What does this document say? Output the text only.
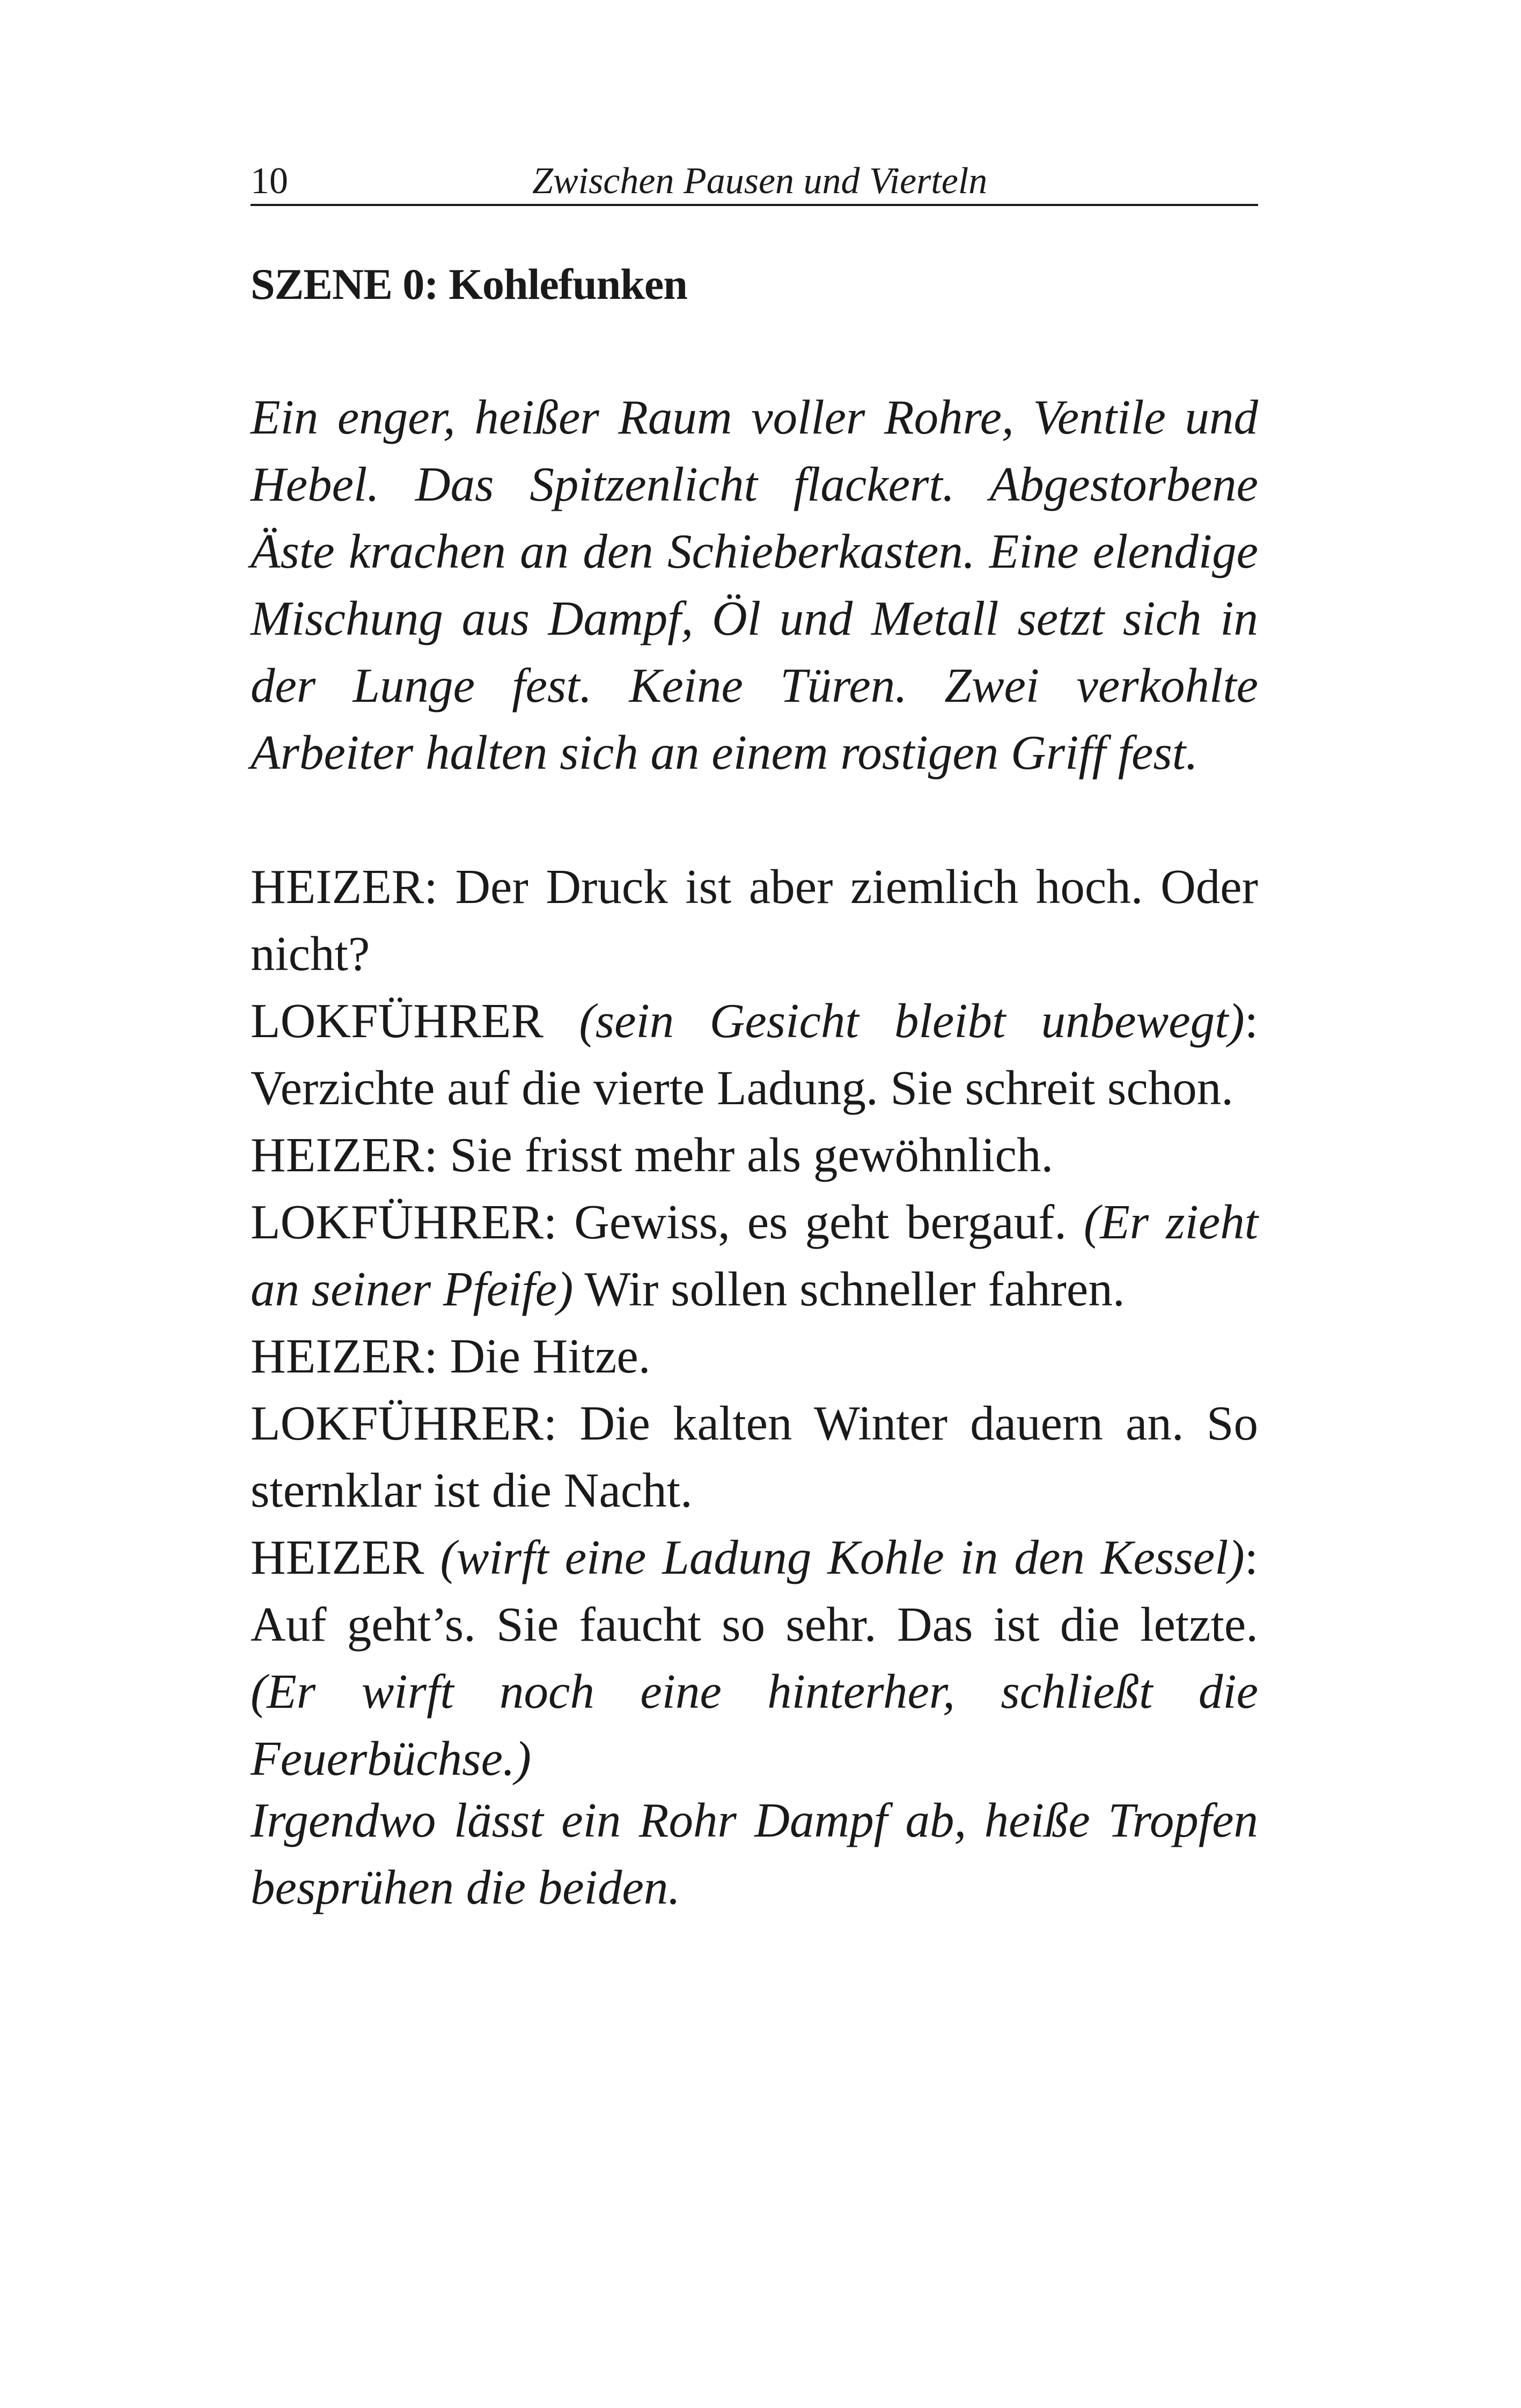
10	Zwischen Pausen und Vierteln
SZENE 0: Kohlefunken

Ein enger, heißer Raum voller Rohre, Ventile und Hebel. Das Spitzenlicht flackert. Abgestorbene Äste krachen an den Schieberkasten. Eine elendige Mischung aus Dampf, Öl und Metall setzt sich in der Lunge fest. Keine Türen. Zwei verkohlte Arbeiter halten sich an einem rostigen Griff fest.

HEIZER: Der Druck ist aber ziemlich hoch. Oder nicht?
LOKFÜHRER (sein Gesicht bleibt unbewegt): Verzichte auf die vierte Ladung. Sie schreit schon.
HEIZER: Sie frisst mehr als gewöhnlich.
LOKFÜHRER: Gewiss, es geht bergauf. (Er zieht an seiner Pfeife) Wir sollen schneller fahren.
HEIZER: Die Hitze.
LOKFÜHRER: Die kalten Winter dauern an. So sternklar ist die Nacht.
HEIZER (wirft eine Ladung Kohle in den Kessel): Auf geht’s. Sie faucht so sehr. Das ist die letzte. (Er wirft noch eine hinterher, schließt die Feuerbüchse.)

Irgendwo lässt ein Rohr Dampf ab, heiße Tropfen besprühen die beiden.
